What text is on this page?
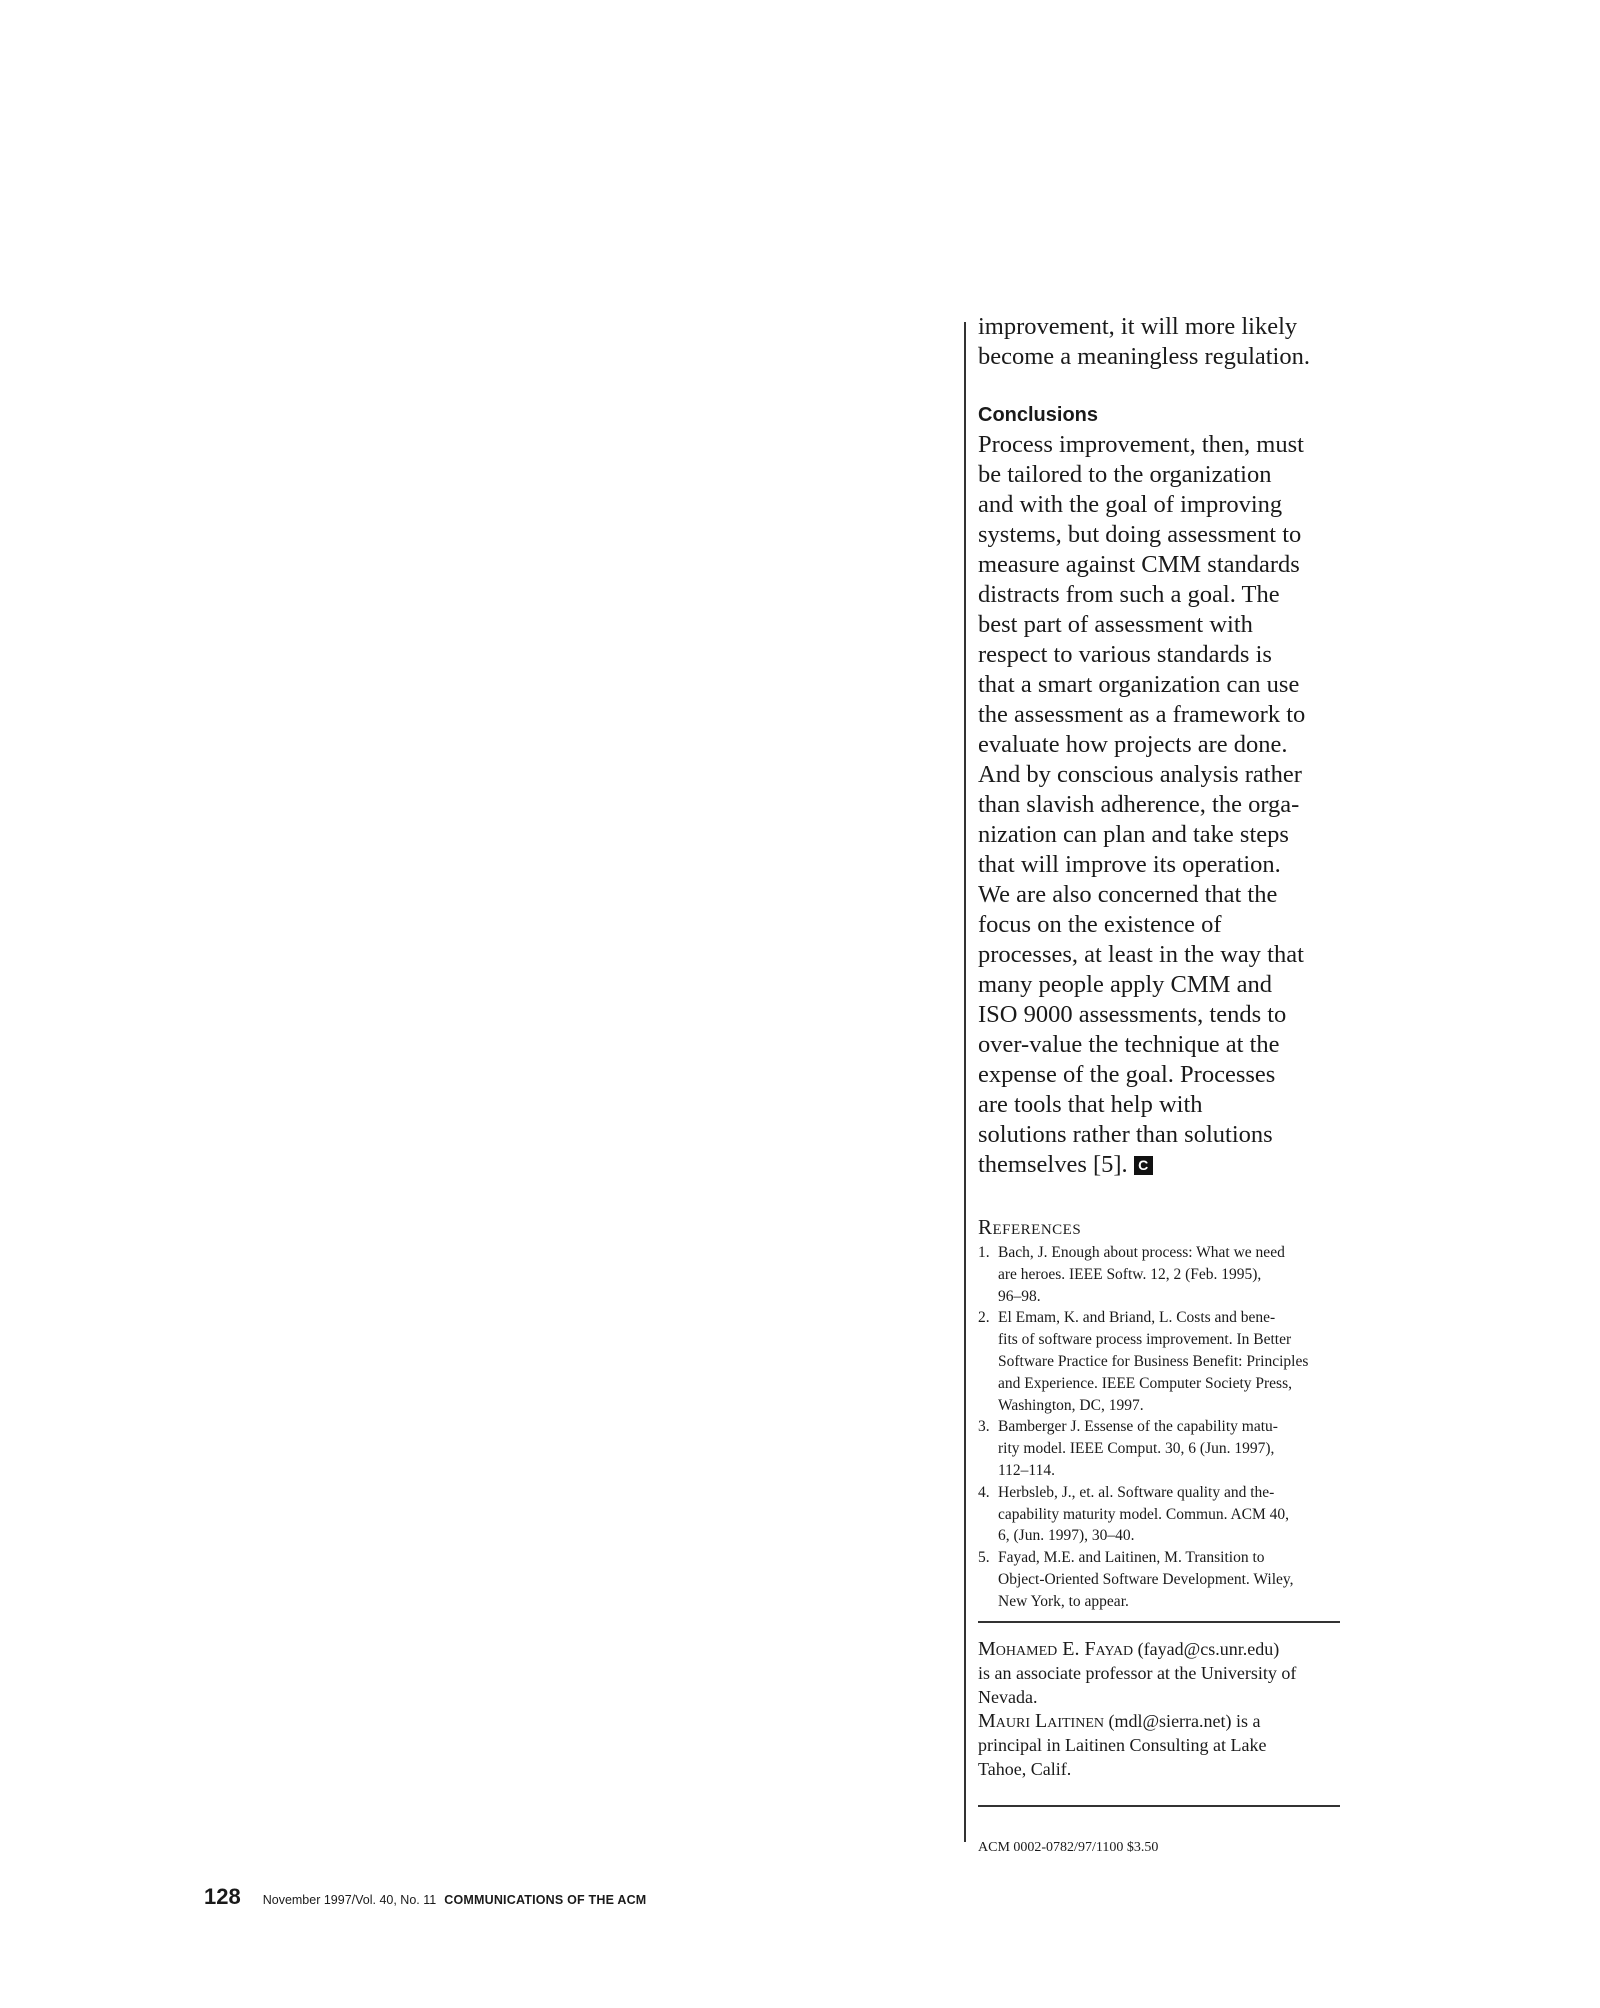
improvement, it will more likely
become a meaningless regulation.

Conclusions

Process improvement, then, must
be tailored to the organization
and with the goal of improving
systems, but doing assessment to
measure against CMM standards
distracts from such a goal. The
best part of assessment with
respect to various standards is
that a smart organization can use
the assessment as a framework to
evaluate how projects are done.
And by conscious analysis rather
than slavish adherence, the orga-
nization can plan and take steps
that will improve its operation.
We are also concerned that the
focus on the existence of
processes, at least in the way that
many people apply CMM and
ISO 9000 assessments, tends to
over-value the technique at the
expense of the goal. Processes
are tools that help with
solutions rather than solutions
themselves [5]. C

References
1. Bach, J. Enough about process: What we need
are heroes. IEEE Softw. 12, 2 (Feb. 1995),
96–98.
2. El Emam, K. and Briand, L. Costs and bene-
fits of software process improvement. In Better
Software Practice for Business Benefit: Principles
and Experience. IEEE Computer Society Press,
Washington, DC, 1997.
3. Bamberger J. Essense of the capability matu-
rity model. IEEE Comput. 30, 6 (Jun. 1997),
112–114.
4. Herbsleb, J., et. al. Software quality and the-
capability maturity model. Commun. ACM 40,
6, (Jun. 1997), 30–40.
5. Fayad, M.E. and Laitinen, M. Transition to
Object-Oriented Software Development. Wiley,
New York, to appear.
Mohamed E. Fayad (fayad@cs.unr.edu)
is an associate professor at the University of
Nevada.
Mauri Laitinen (mdl@sierra.net) is a
principal in Laitinen Consulting at Lake
Tahoe, Calif.
ACM 0002-0782/97/1100 $3.50
128 November 1997/Vol. 40, No. 11 COMMUNICATIONS OF THE ACM
